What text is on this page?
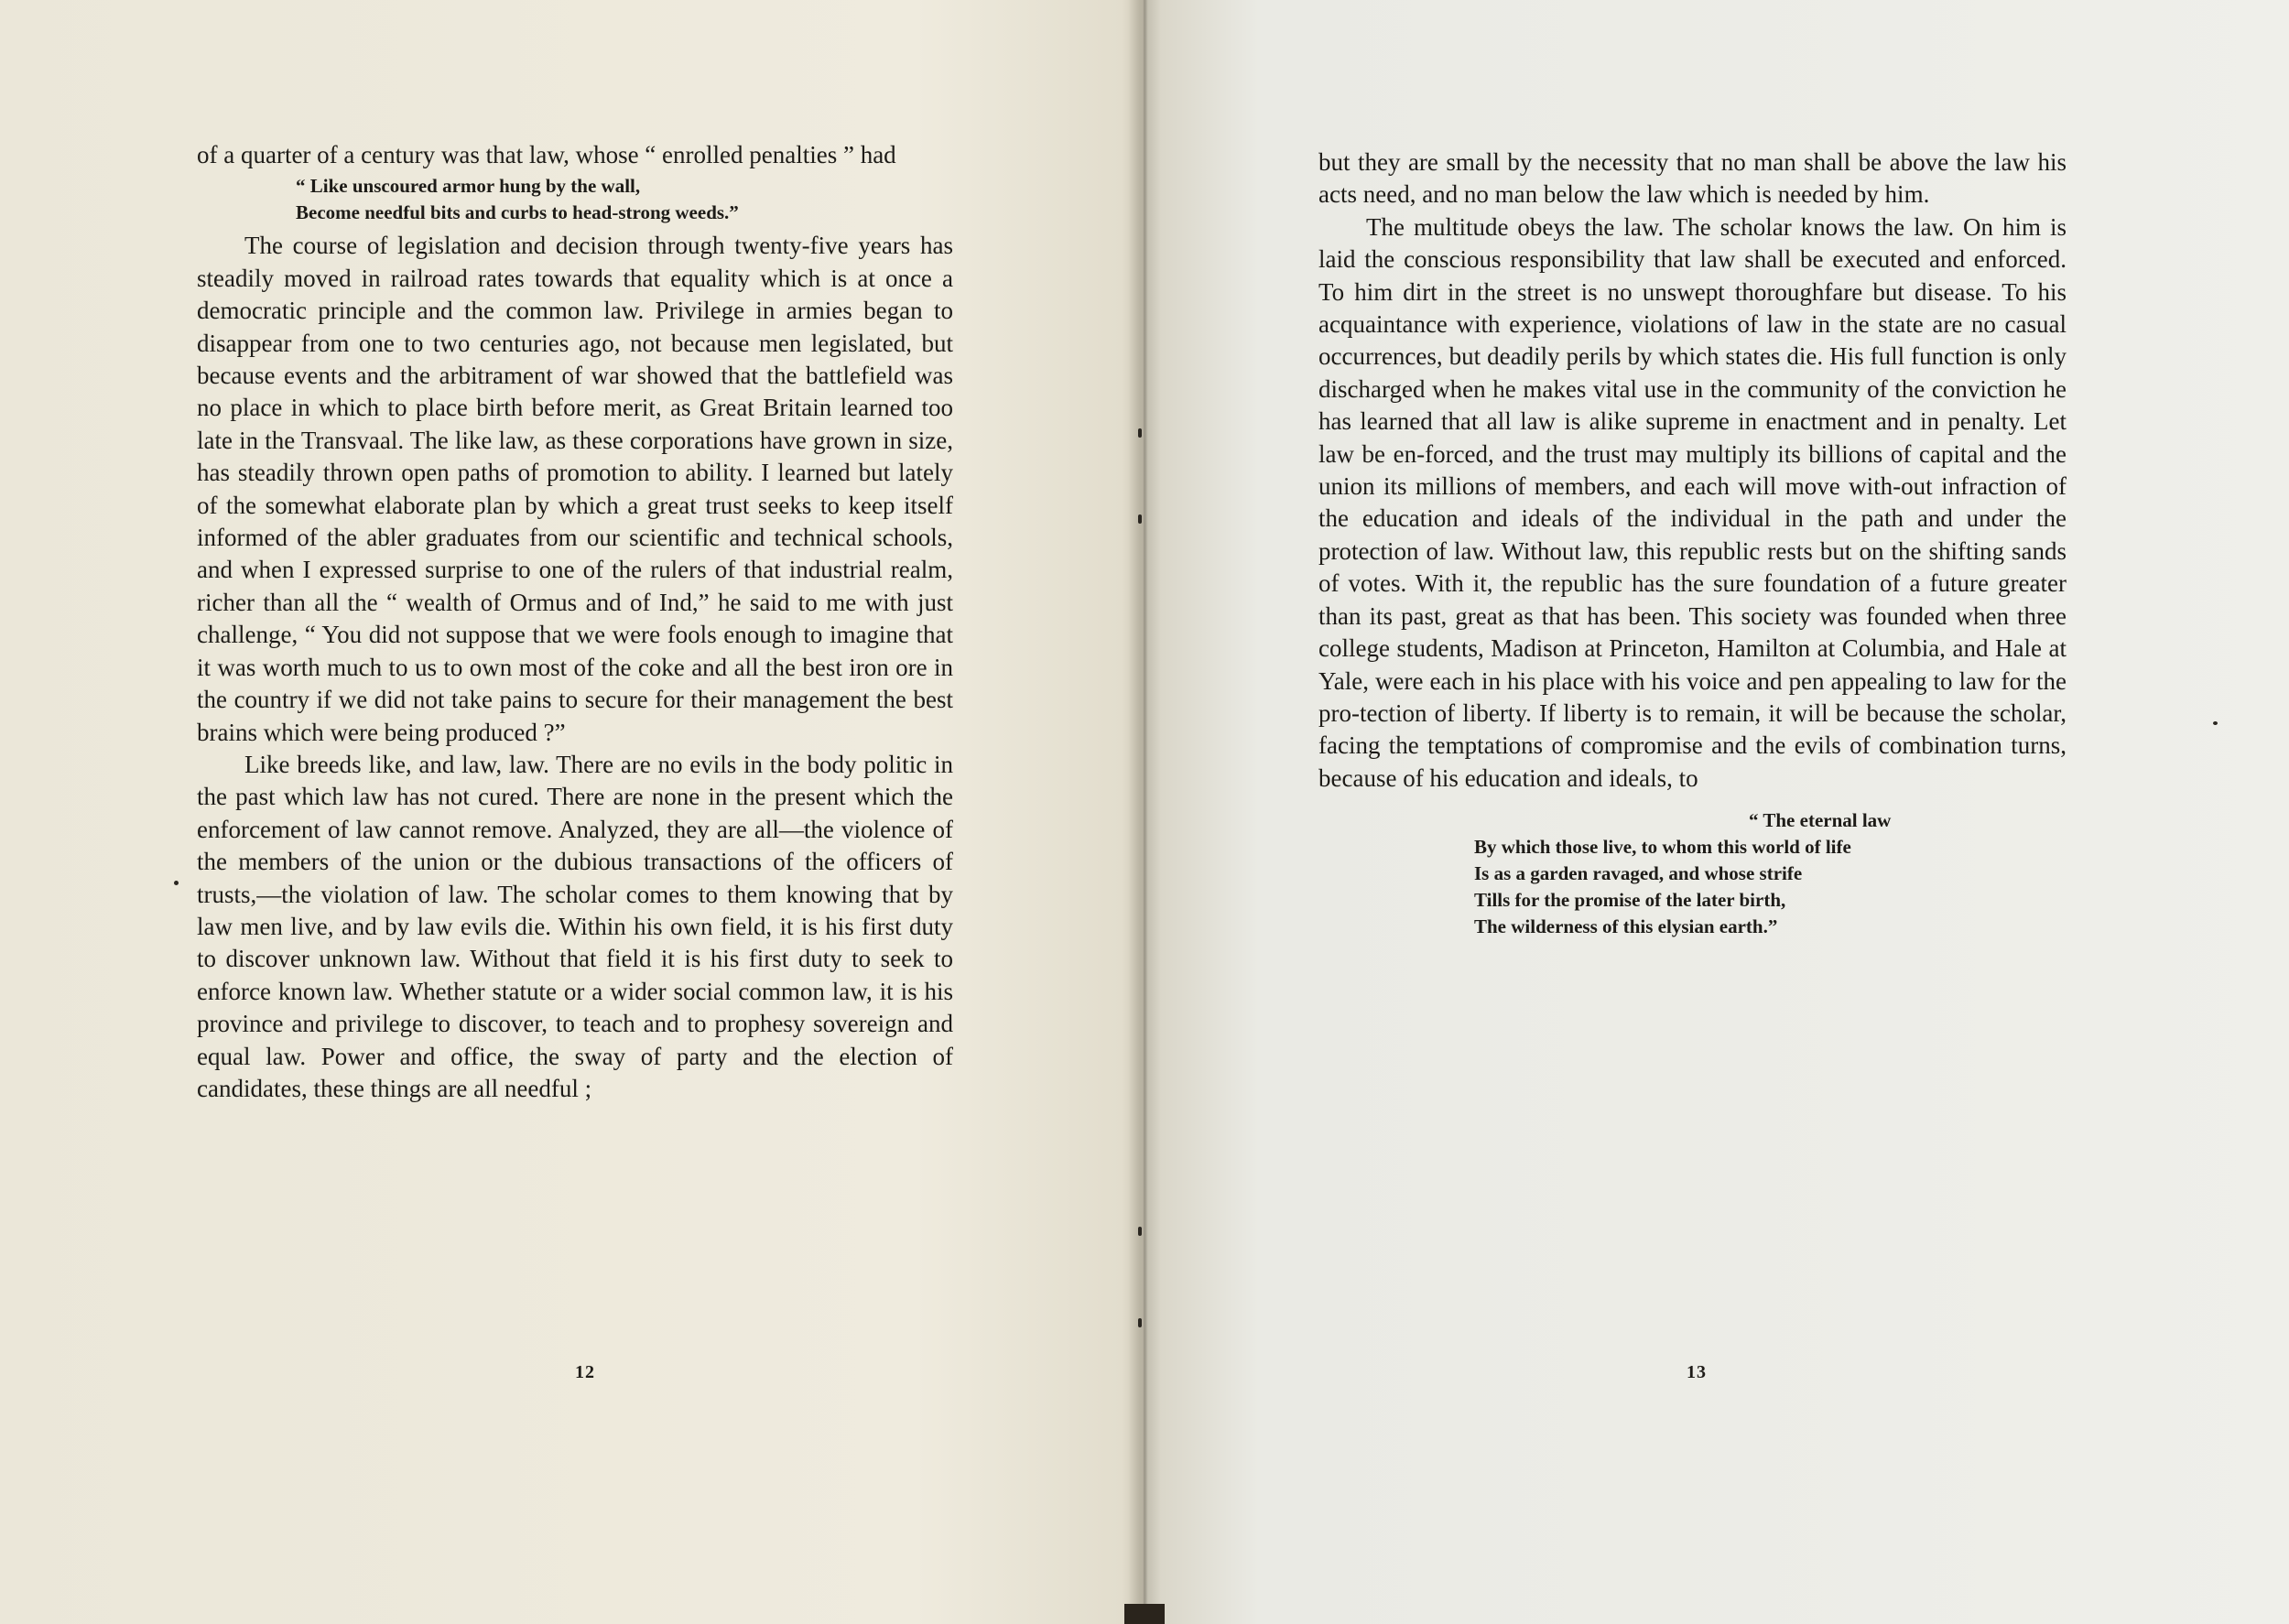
of a quarter of a century was that law, whose “ enrolled penalties ” had

“ Like unscoured armor hung by the wall,
Become needful bits and curbs to head-strong weeds.”

The course of legislation and decision through twenty-five years has steadily moved in railroad rates towards that equality which is at once a democratic principle and the common law. Privilege in armies began to disappear from one to two centuries ago, not because men legislated, but because events and the arbitrament of war showed that the battlefield was no place in which to place birth before merit, as Great Britain learned too late in the Transvaal. The like law, as these corporations have grown in size, has steadily thrown open paths of promotion to ability. I learned but lately of the somewhat elaborate plan by which a great trust seeks to keep itself informed of the abler graduates from our scientific and technical schools, and when I expressed surprise to one of the rulers of that industrial realm, richer than all the “ wealth of Ormus and of Ind,” he said to me with just challenge, “ You did not suppose that we were fools enough to imagine that it was worth much to us to own most of the coke and all the best iron ore in the country if we did not take pains to secure for their management the best brains which were being produced ?”

Like breeds like, and law, law. There are no evils in the body politic in the past which law has not cured. There are none in the present which the enforcement of law cannot remove. Analyzed, they are all—the violence of the members of the union or the dubious transactions of the officers of trusts,—the violation of law. The scholar comes to them knowing that by law men live, and by law evils die. Within his own field, it is his first duty to discover unknown law. Without that field it is his first duty to seek to enforce known law. Whether statute or a wider social common law, it is his province and privilege to discover, to teach and to prophesy sovereign and equal law. Power and office, the sway of party and the election of candidates, these things are all needful ;

12

but they are small by the necessity that no man shall be above the law his acts need, and no man below the law which is needed by him.

The multitude obeys the law. The scholar knows the law. On him is laid the conscious responsibility that law shall be executed and enforced. To him dirt in the street is no unswept thoroughfare but disease. To his acquaintance with experience, violations of law in the state are no casual occurrences, but deadily perils by which states die. His full function is only discharged when he makes vital use in the community of the conviction he has learned that all law is alike supreme in enactment and in penalty. Let law be en-forced, and the trust may multiply its billions of capital and the union its millions of members, and each will move with-out infraction of the education and ideals of the individual in the path and under the protection of law. Without law, this republic rests but on the shifting sands of votes. With it, the republic has the sure foundation of a future greater than its past, great as that has been. This society was founded when three college students, Madison at Princeton, Hamilton at Columbia, and Hale at Yale, were each in his place with his voice and pen appealing to law for the pro-tection of liberty. If liberty is to remain, it will be because the scholar, facing the temptations of compromise and the evils of combination turns, because of his education and ideals, to

“ The eternal law
By which those live, to whom this world of life
Is as a garden ravaged, and whose strife
Tills for the promise of the later birth,
The wilderness of this elysian earth.”
13
